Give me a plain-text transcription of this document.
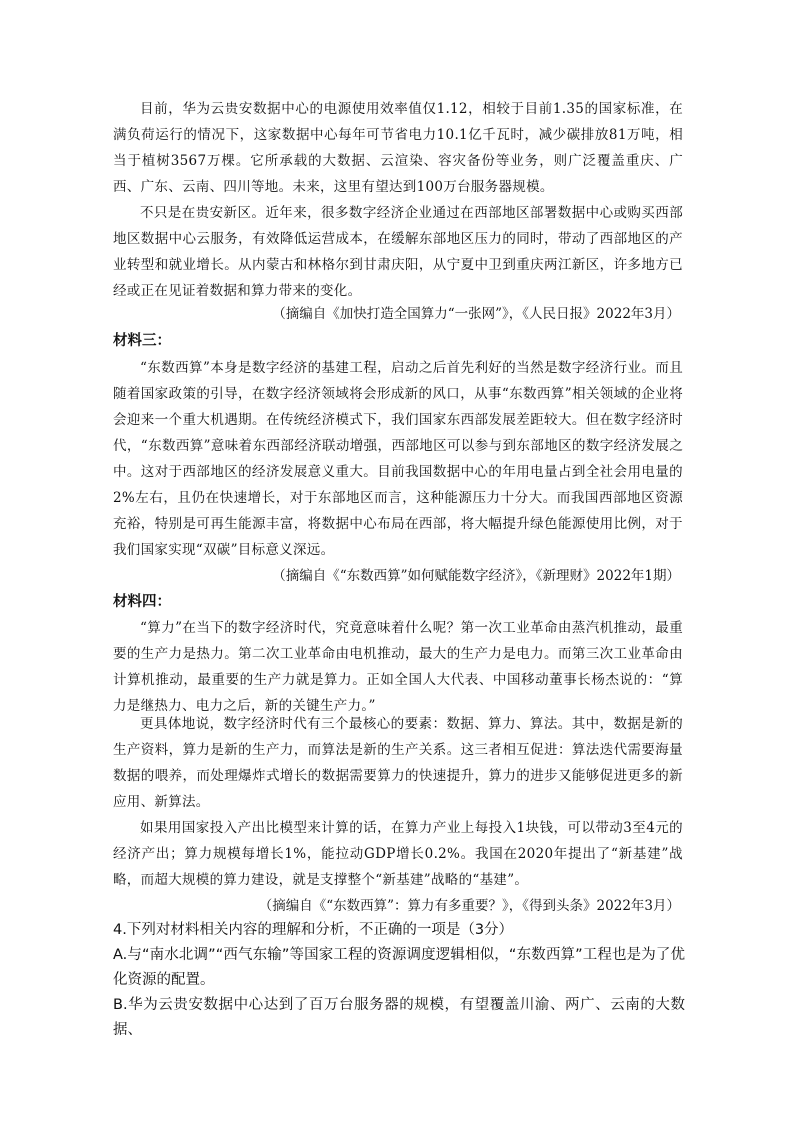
目前，华为云贵安数据中心的电源使用效率值仅1.12，相较于目前1.35的国家标准，在满负荷运行的情况下，这家数据中心每年可节省电力10.1亿千瓦时，减少碳排放81万吨，相当于植树3567万棵。它所承载的大数据、云渲染、容灾备份等业务，则广泛覆盖重庆、广西、广东、云南、四川等地。未来，这里有望达到100万台服务器规模。

不只是在贵安新区。近年来，很多数字经济企业通过在西部地区部署数据中心或购买西部地区数据中心云服务，有效降低运营成本，在缓解东部地区压力的同时，带动了西部地区的产业转型和就业增长。从内蒙古和林格尔到甘肃庆阳，从宁夏中卫到重庆两江新区，许多地方已经或正在见证着数据和算力带来的变化。

（摘编自《加快打造全国算力“一张网”》，《人民日报》2022年3月）

材料三：

“东数西算”本身是数字经济的基建工程，启动之后首先利好的当然是数字经济行业。而且随着国家政策的引导，在数字经济领域将会形成新的风口，从事“东数西算”相关领域的企业将会迎来一个重大机遇期。在传统经济模式下，我们国家东西部发展差距较大。但在数字经济时代，“东数西算”意味着东西部经济联动增强，西部地区可以参与到东部地区的数字经济发展之中。这对于西部地区的经济发展意义重大。目前我国数据中心的年用电量占到全社会用电量的2%左右，且仍在快速增长，对于东部地区而言，这种能源压力十分大。而我国西部地区资源充裕，特别是可再生能源丰富，将数据中心布局在西部，将大幅提升绿色能源使用比例，对于我们国家实现“双碳”目标意义深远。

（摘编自《“东数西算”如何赋能数字经济》，《新理财》2022年1期）

材料四：

“算力”在当下的数字经济时代，究竟意味着什么呢？第一次工业革命由蒸汽机推动，最重要的生产力是热力。第二次工业革命由电机推动，最大的生产力是电力。而第三次工业革命由计算机推动，最重要的生产力就是算力。正如全国人大代表、中国移动董事长杨杰说的：“算力是继热力、电力之后，新的关键生产力。”

更具体地说，数字经济时代有三个最核心的要素：数据、算力、算法。其中，数据是新的生产资料，算力是新的生产力，而算法是新的生产关系。这三者相互促进：算法迭代需要海量数据的喂养，而处理爆炸式增长的数据需要算力的快速提升，算力的进步又能够促进更多的新应用、新算法。

如果用国家投入产出比模型来计算的话，在算力产业上每投入1块钱，可以带动3至4元的经济产出；算力规模每增长1%，能拉动GDP增长0.2%。我国在2020年提出了“新基建”战略，而超大规模的算力建设，就是支撑整个“新基建”战略的“基建”。

（摘编自《“东数西算”：算力有多重要？》，《得到头条》2022年3月）

4.下列对材料相关内容的理解和分析，不正确的一项是（3分）

A.与“南水北调”“西气东输”等国家工程的资源调度逻辑相似，“东数西算”工程也是为了优化资源的配置。

B.华为云贵安数据中心达到了百万台服务器的规模，有望覆盖川渝、两广、云南的大数据、
